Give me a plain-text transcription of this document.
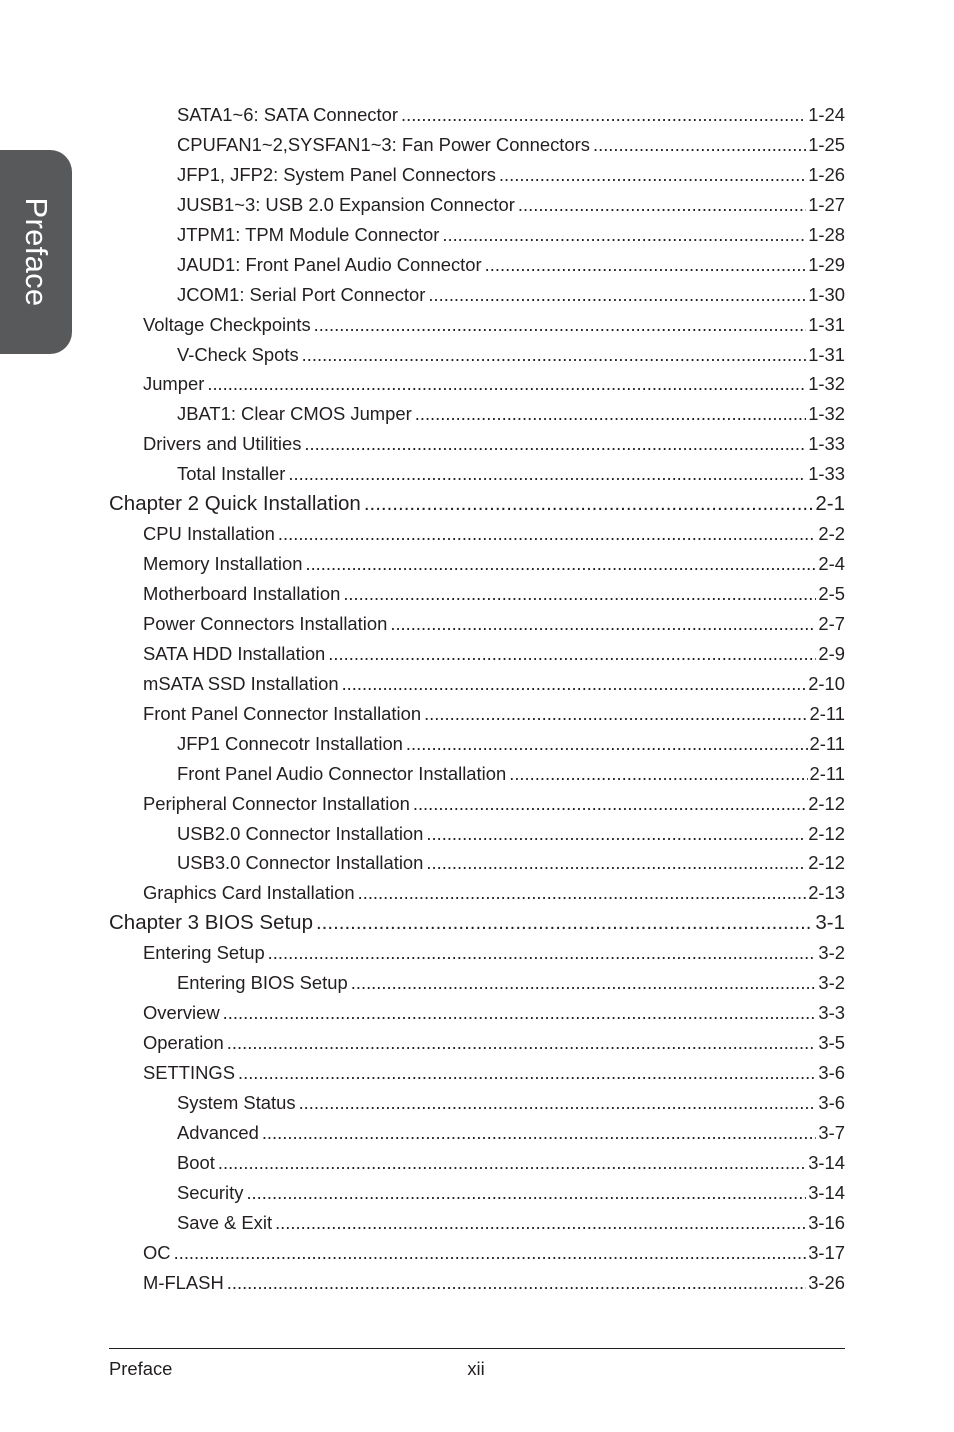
Preface
SATA1~6: SATA Connector .....	1-24
CPUFAN1~2,SYSFAN1~3: Fan Power Connectors .....	1-25
JFP1, JFP2: System Panel Connectors .....	1-26
JUSB1~3: USB 2.0 Expansion Connector .....	1-27
JTPM1: TPM Module Connector .....	1-28
JAUD1: Front Panel Audio Connector .....	1-29
JCOM1: Serial Port Connector .....	1-30
Voltage Checkpoints .....	1-31
V-Check Spots .....	1-31
Jumper .....	1-32
JBAT1: Clear CMOS Jumper .....	1-32
Drivers and Utilities .....	1-33
Total Installer .....	1-33
Chapter 2 Quick Installation .....	2-1
CPU Installation .....	2-2
Memory Installation .....	2-4
Motherboard Installation .....	2-5
Power Connectors Installation .....	2-7
SATA HDD Installation .....	2-9
mSATA SSD Installation .....	2-10
Front Panel Connector Installation .....	2-11
JFP1 Connecotr Installation .....	2-11
Front Panel Audio Connector Installation .....	2-11
Peripheral Connector Installation .....	2-12
USB2.0 Connector Installation .....	2-12
USB3.0 Connector Installation .....	2-12
Graphics Card Installation .....	2-13
Chapter 3 BIOS Setup .....	3-1
Entering Setup .....	3-2
Entering BIOS Setup .....	3-2
Overview .....	3-3
Operation .....	3-5
SETTINGS .....	3-6
System Status .....	3-6
Advanced .....	3-7
Boot .....	3-14
Security .....	3-14
Save & Exit .....	3-16
OC .....	3-17
M-FLASH .....	3-26
Preface	xii
